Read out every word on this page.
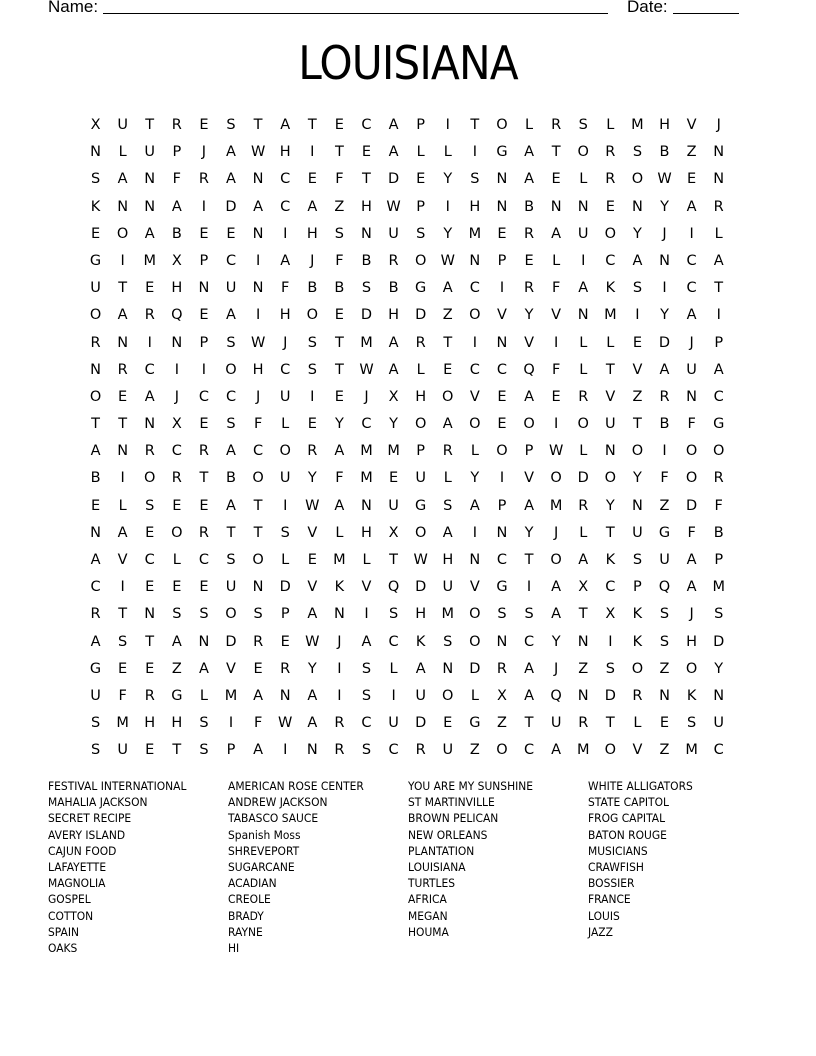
Name:	Date:
LOUISIANA
X	U	T	R	E	S	T	A	T	E	C	A	P	I	T	O	L	R	S	L	M	H	V	J
N	L	U	P	J	A	W H	I	T	E	A	L	L	I	G	A	T	O	R	S	B	Z	N
S	A	N	F	R	A	N	C	E	F	T	D	E	Y	S	N	A	E	L	R	O W	E	N
K	N	N	A	I	D	A	C	A	Z	H W	P	I	H	N	B	N	N	E	N	Y	A	R
E	O	A	B	E	E	N	I	H	S	N	U	S	Y	M	E	R	A	U	O	Y	J	I	L
G	I	M	X	P	C	I	A	J	F	B	R	O W N	P	E	L	I	C	A	N	C	A
U	T	E	H	N	U	N	F	B	B	S	B	G	A	C	I	R	F	A	K	S	I	C	T
O	A	R	Q	E	A	I	H	O	E	D	H	D	Z	O	V	Y	V	N	M	I	Y	A	I
R	N	I	N	P	S	W	J	S	T	M	A	R	T	I	N	V	I	L	L	E	D	J	P
N	R	C	I	I	O	H	C	S	T	W	A	L	E	C	C	Q	F	L	T	V	A	U	A
O	E	A	J	C	C	J	U	I	E	J	X	H	O	V	E	A	E	R	V	Z	R	N	C
T	T	N	X	E	S	F	L	E	Y	C	Y	O	A	O	E	O	I	O	U	T	B	F	G
A	N	R	C	R	A	C	O	R	A	M	M	P	R	L	O	P	W	L	N	O	I	O	O
B	I	O	R	T	B	O	U	Y	F	M	E	U	L	Y	I	V	O	D	O	Y	F	O	R
E	L	S	E	E	A	T	I	W	A	N	U	G	S	A	P	A	M	R	Y	N	Z	D	F
N	A	E	O	R	T	T	S	V	L	H	X	O	A	I	N	Y	J	L	T	U	G	F	B
A	V	C	L	C	S	O	L	E	M	L	T	W H	N	C	T	O	A	K	S	U	A	P
C	I	E	E	E	U	N	D	V	K	V	Q	D	U	V	G	I	A	X	C	P	Q	A	M
R	T	N	S	S	O	S	P	A	N	I	S	H	M	O	S	S	A	T	X	K	S	J	S
A	S	T	A	N	D	R	E	W	J	A	C	K	S	O	N	C	Y	N	I	K	S	H	D
G	E	E	Z	A	V	E	R	Y	I	S	L	A	N	D	R	A	J	Z	S	O	Z	O	Y
U	F	R	G	L	M	A	N	A	I	S	I	U	O	L	X	A	Q	N	D	R	N	K	N
S	M	H	H	S	I	F	W	A	R	C	U	D	E	G	Z	T	U	R	T	L	E	S	U
S	U	E	T	S	P	A	I	N	R	S	C	R	U	Z	O	C	A	M	O	V	Z	M	C
FESTIVAL INTERNATIONAL
MAHALIA JACKSON
SECRET RECIPE
AVERY ISLAND
CAJUN FOOD
LAFAYETTE
MAGNOLIA
GOSPEL
COTTON
SPAIN
OAKS
AMERICAN ROSE CENTER
ANDREW JACKSON
TABASCO SAUCE
Spanish Moss
SHREVEPORT
SUGARCANE
ACADIAN
CREOLE
BRADY
RAYNE
HI
YOU ARE MY SUNSHINE
ST MARTINVILLE
BROWN PELICAN
NEW ORLEANS
PLANTATION
LOUISIANA
TURTLES
AFRICA
MEGAN
HOUMA
WHITE ALLIGATORS
STATE CAPITOL
FROG CAPITAL
BATON ROUGE
MUSICIANS
CRAWFISH
BOSSIER
FRANCE
LOUIS
JAZZ
